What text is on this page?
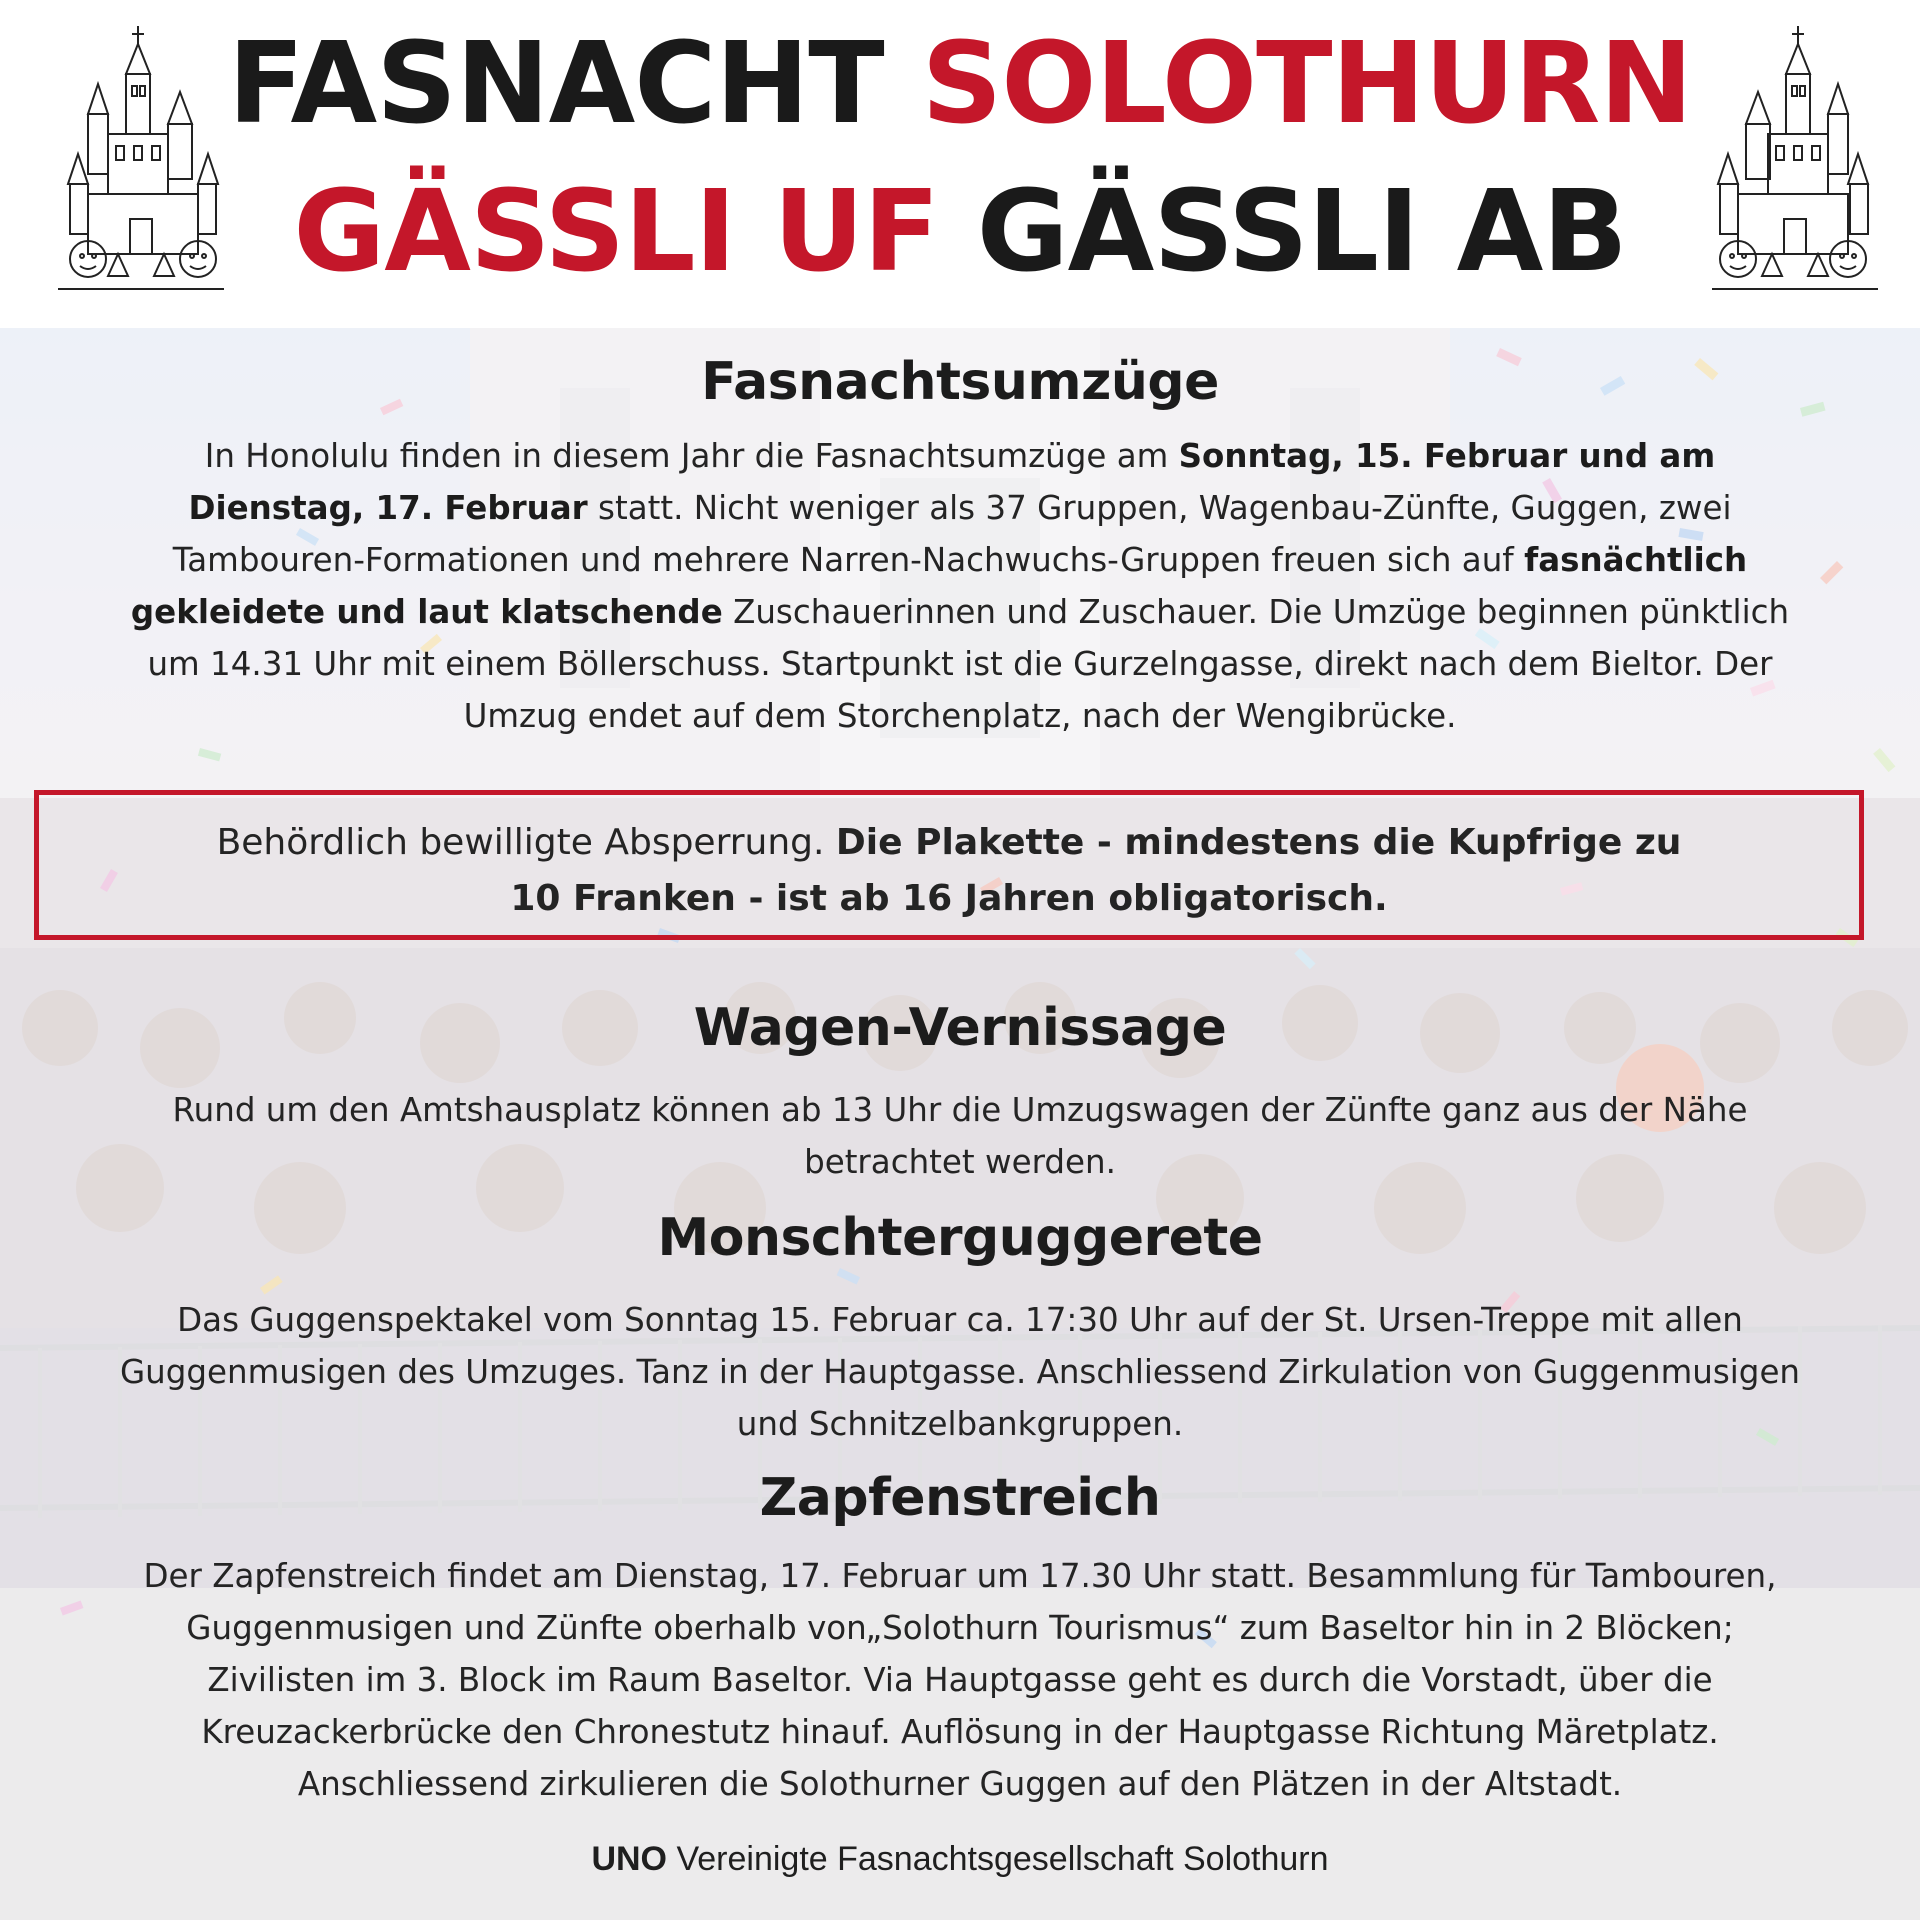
FASNACHT SOLOTHURN
GÄSSLI UF GÄSSLI AB
Fasnachtsumzüge
In Honolulu finden in diesem Jahr die Fasnachtsumzüge am Sonntag, 15. Februar und am
Dienstag, 17. Februar statt. Nicht weniger als 37 Gruppen, Wagenbau-Zünfte, Guggen, zwei
Tambouren-Formationen und mehrere Narren-Nachwuchs-Gruppen freuen sich auf fasnächtlich
gekleidete und laut klatschende Zuschauerinnen und Zuschauer. Die Umzüge beginnen pünktlich
um 14.31 Uhr mit einem Böllerschuss. Startpunkt ist die Gurzelngasse, direkt nach dem Bieltor. Der
Umzug endet auf dem Storchenplatz, nach der Wengibrücke.
Behördlich bewilligte Absperrung. Die Plakette - mindestens die Kupfrige zu
10 Franken - ist ab 16 Jahren obligatorisch.
Wagen-Vernissage
Rund um den Amtshausplatz können ab 13 Uhr die Umzugswagen der Zünfte ganz aus der Nähe
betrachtet werden.
Monschterguggerete
Das Guggenspektakel vom Sonntag 15. Februar ca. 17:30 Uhr auf der St. Ursen-Treppe mit allen
Guggenmusigen des Umzuges. Tanz in der Hauptgasse. Anschliessend Zirkulation von Guggenmusigen
und Schnitzelbankgruppen.
Zapfenstreich
Der Zapfenstreich findet am Dienstag, 17. Februar um 17.30 Uhr statt. Besammlung für Tambouren,
Guggenmusigen und Zünfte oberhalb von„Solothurn Tourismus“ zum Baseltor hin in 2 Blöcken;
Zivilisten im 3. Block im Raum Baseltor. Via Hauptgasse geht es durch die Vorstadt, über die
Kreuzackerbrücke den Chronestutz hinauf. Auflösung in der Hauptgasse Richtung Märetplatz.
Anschliessend zirkulieren die Solothurner Guggen auf den Plätzen in der Altstadt.
UNO Vereinigte Fasnachtsgesellschaft Solothurn
